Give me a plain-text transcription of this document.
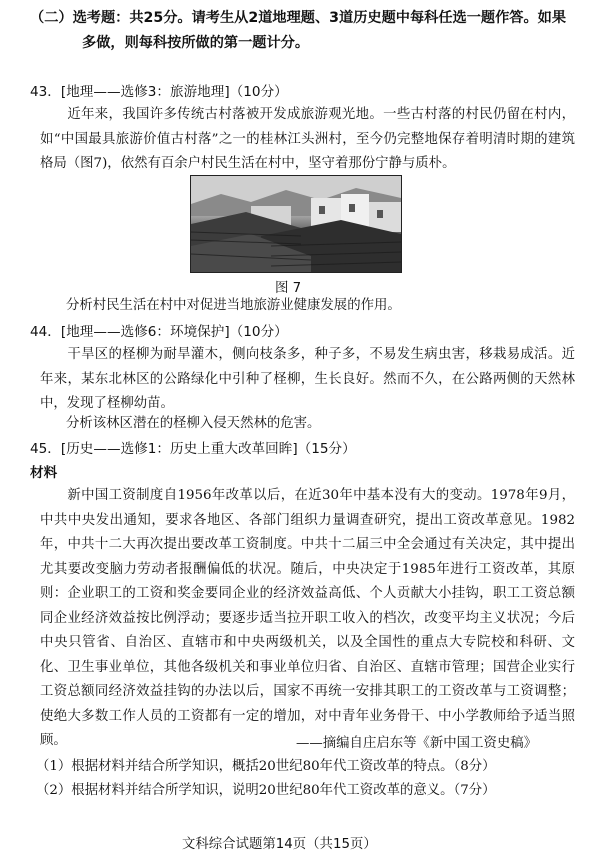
（二）选考题：共25分。请考生从2道地理题、3道历史题中每科任选一题作答。如果
多做，则每科按所做的第一题计分。
43．[地理——选修3：旅游地理]（10分）
近年来，我国许多传统古村落被开发成旅游观光地。一些古村落的村民仍留在村内，如“中国最具旅游价值古村落”之一的桂林江头洲村，至今仍完整地保存着明清时期的建筑格局（图7)，依然有百余户村民生活在村中，坚守着那份宁静与质朴。
图 7
分析村民生活在村中对促进当地旅游业健康发展的作用。
44．[地理——选修6：环境保护]（10分）
干旱区的柽柳为耐旱灌木，侧向枝条多，种子多，不易发生病虫害，移栽易成活。近年来，某东北林区的公路绿化中引种了柽柳，生长良好。然而不久，在公路两侧的天然林中，发现了柽柳幼苗。
分析该林区潜在的柽柳入侵天然林的危害。
45．[历史——选修1：历史上重大改革回眸]（15分）
材料
新中国工资制度自1956年改革以后，在近30年中基本没有大的变动。1978年9月，中共中央发出通知，要求各地区、各部门组织力量调查研究，提出工资改革意见。1982年，中共十二大再次提出要改革工资制度。中共十二届三中全会通过有关决定，其中提出尤其要改变脑力劳动者报酬偏低的状况。随后，中央决定于1985年进行工资改革，其原则：企业职工的工资和奖金要同企业的经济效益高低、个人贡献大小挂钩，职工工资总额同企业经济效益按比例浮动；要逐步适当拉开职工收入的档次，改变平均主义状况；今后中央只管省、自治区、直辖市和中央两级机关，以及全国性的重点大专院校和科研、文化、卫生事业单位，其他各级机关和事业单位归省、自治区、直辖市管理；国营企业实行工资总额同经济效益挂钩的办法以后，国家不再统一安排其职工的工资改革与工资调整；使绝大多数工作人员的工资都有一定的增加，对中青年业务骨干、中小学教师给予适当照顾。	——摘编自庄启东等《新中国工资史稿》
（1）根据材料并结合所学知识，概括20世纪80年代工资改革的特点。（8分）
（2）根据材料并结合所学知识，说明20世纪80年代工资改革的意义。（7分）
文科综合试题第14页（共15页）
